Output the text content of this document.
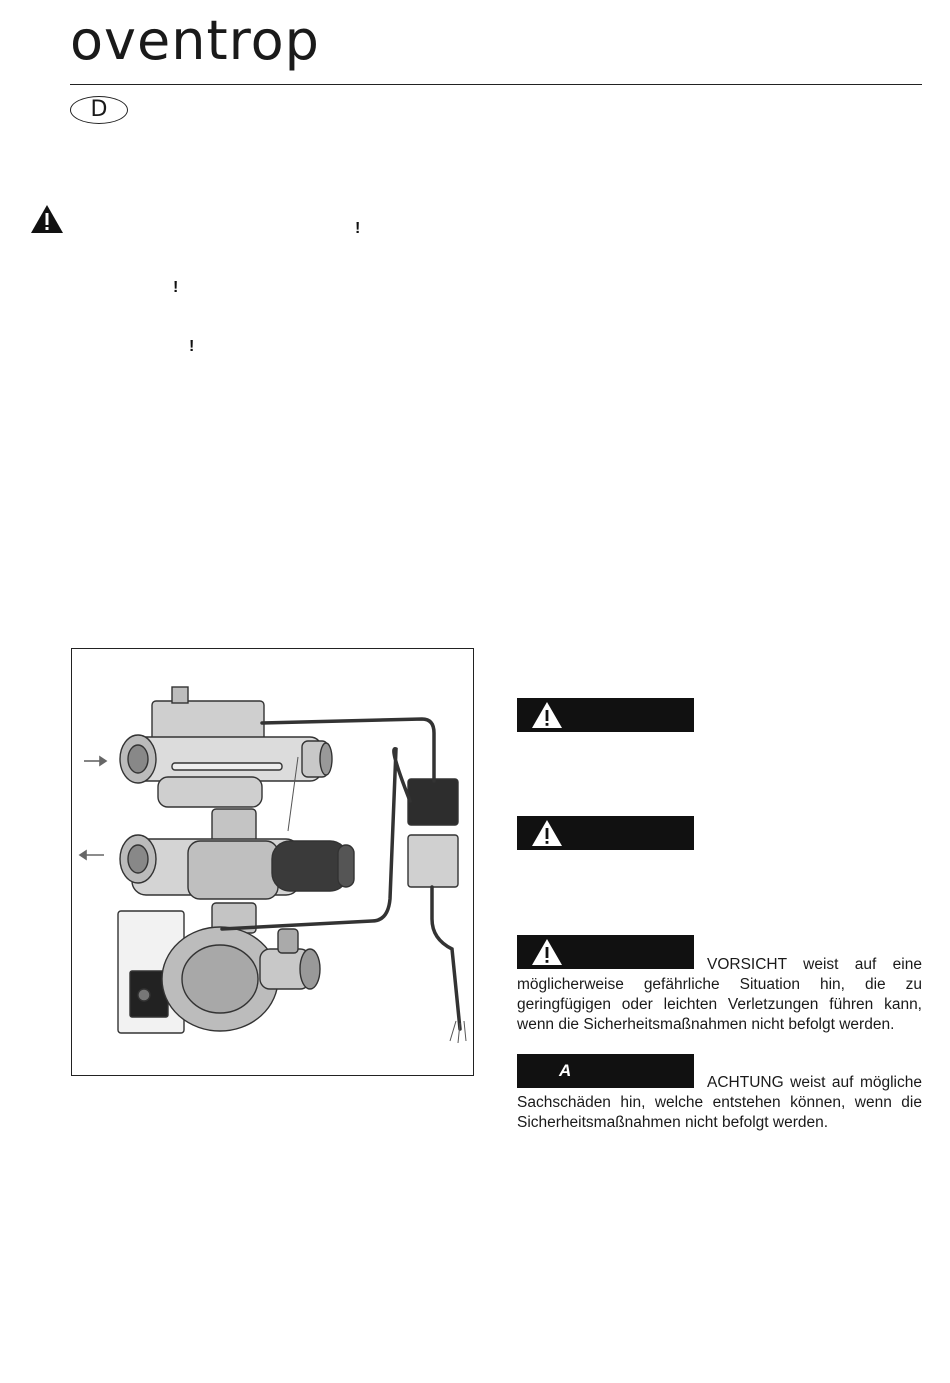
oventrop
D
!
!
!
VORSICHT weist auf eine möglicherweise gefährliche Situation hin, die zu geringfügigen oder leichten Verletzungen führen kann, wenn die Sicherheitsmaßnahmen nicht befolgt werden.
A
ACHTUNG weist auf mögliche Sachschäden hin, welche entstehen können, wenn die Sicherheitsmaßnahmen nicht befolgt werden.
